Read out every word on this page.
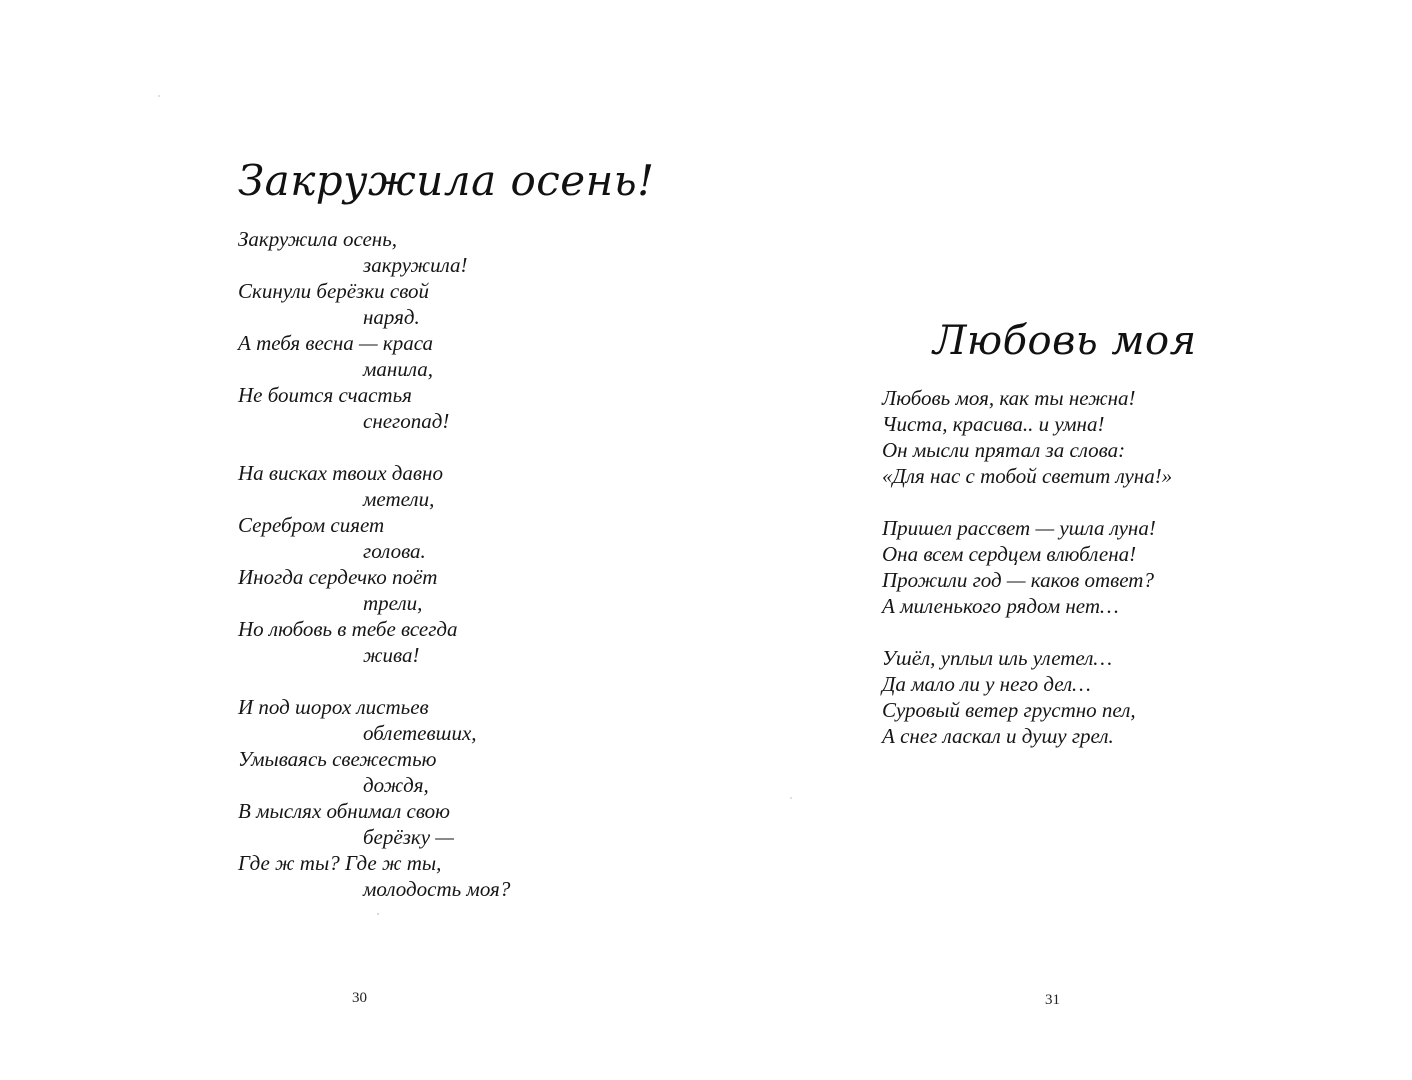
Закружила осень!
Закружила осень,
закружила!
Скинули берёзки свой
наряд.
А тебя весна — краса
манила,
Не боится счастья
снегопад!
На висках твоих давно
метели,
Серебром сияет
голова.
Иногда сердечко поёт
трели,
Но любовь в тебе всегда
жива!
И под шорох листьев
облетевших,
Умываясь свежестью
дождя,
В мыслях обнимал свою
берёзку —
Где ж ты? Где ж ты,
молодость моя?
30
Любовь моя
Любовь моя, как ты нежна!
Чиста, красива.. и умна!
Он мысли прятал за слова:
«Для нас с тобой светит луна!»
Пришел рассвет — ушла луна!
Она всем сердцем влюблена!
Прожили год — каков ответ?
А миленького рядом нет…
Ушёл, уплыл иль улетел…
Да мало ли у него дел…
Суровый ветер грустно пел,
А снег ласкал и душу грел.
31
